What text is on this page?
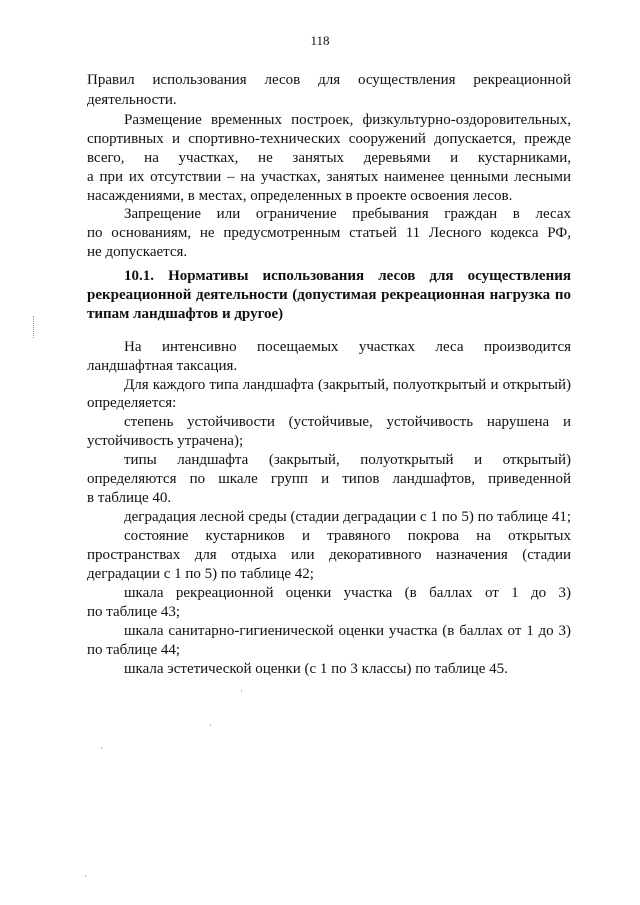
118
Правил использования лесов для осуществления рекреационной
деятельности.
Размещение временных построек, физкультурно-оздоровительных,
спортивных и спортивно-технических сооружений допускается, прежде
всего, на участках, не занятых деревьями и кустарниками,
а при их отсутствии – на участках, занятых наименее ценными лесными
насаждениями, в местах, определенных в проекте освоения лесов.
Запрещение или ограничение пребывания граждан в лесах
по основаниям, не предусмотренным статьей 11 Лесного кодекса РФ,
не допускается.
10.1. Нормативы использования лесов для осуществления
рекреационной деятельности (допустимая рекреационная нагрузка по
типам ландшафтов и другое)
На интенсивно посещаемых участках леса производится
ландшафтная таксация.
Для каждого типа ландшафта (закрытый, полуоткрытый и открытый)
определяется:
степень устойчивости (устойчивые, устойчивость нарушена и
устойчивость утрачена);
типы ландшафта (закрытый, полуоткрытый и открытый)
определяются по шкале групп и типов ландшафтов, приведенной
в таблице 40.
деградация лесной среды (стадии деградации с 1 по 5) по таблице 41;
состояние кустарников и травяного покрова на открытых
пространствах для отдыха или декоративного назначения (стадии
деградации с 1 по 5) по таблице 42;
шкала рекреационной оценки участка (в баллах от 1 до 3)
по таблице 43;
шкала санитарно-гигиенической оценки участка (в баллах от 1 до 3)
по таблице 44;
шкала эстетической оценки (с 1 по 3 классы) по таблице 45.
